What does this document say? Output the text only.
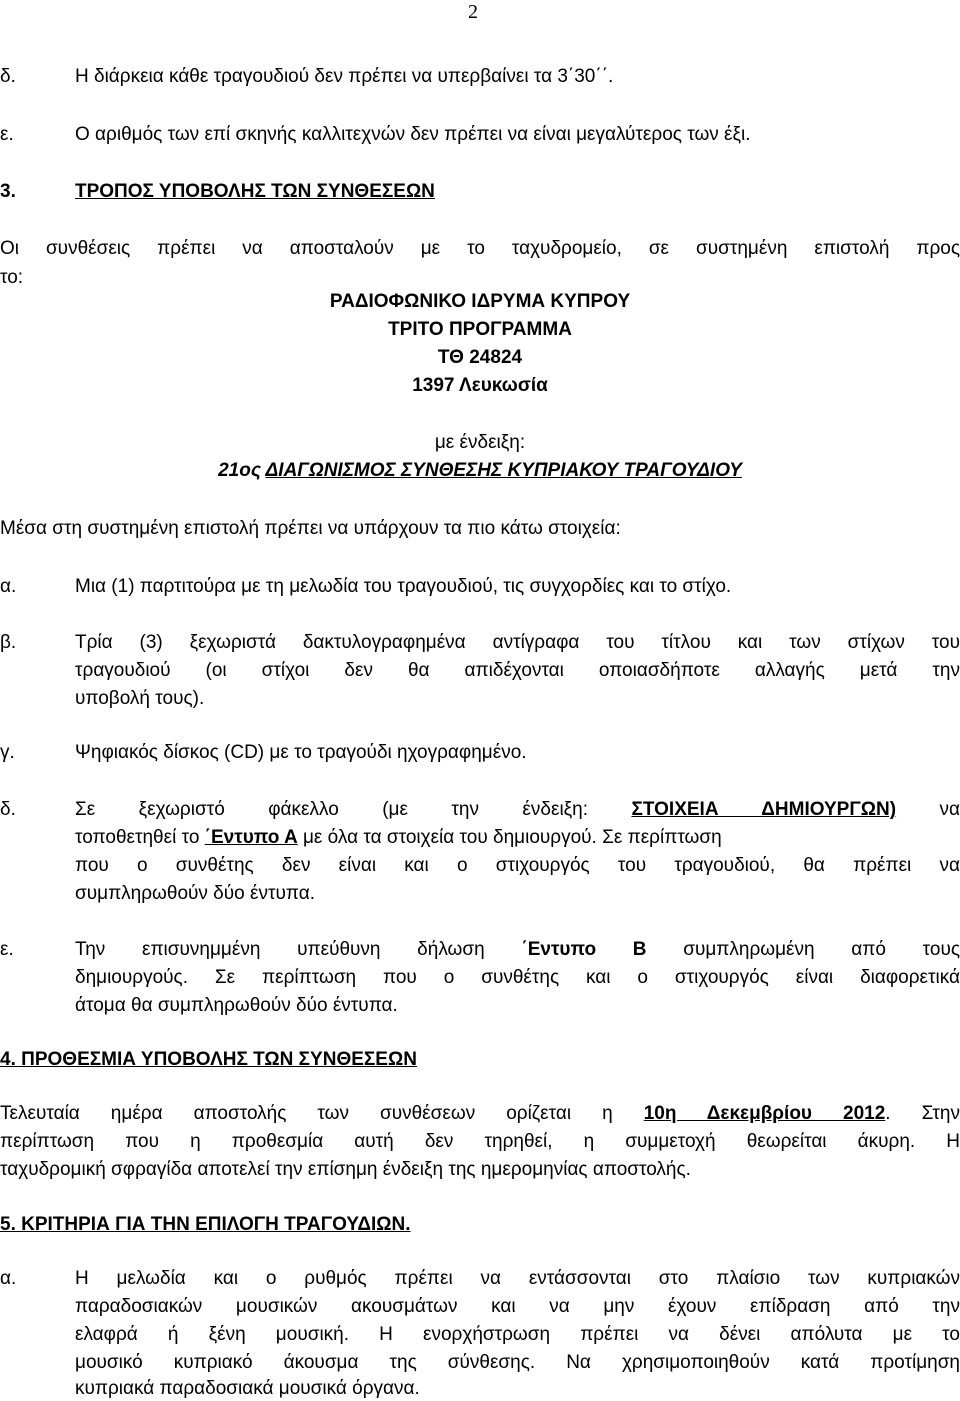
2
δ.	Η διάρκεια κάθε τραγουδιού δεν πρέπει να υπερβαίνει τα 3΄30΄΄.
ε.	Ο αριθμός των επί σκηνής καλλιτεχνών δεν πρέπει να είναι μεγαλύτερος των έξι.
3.	ΤΡΟΠΟΣ ΥΠΟΒΟΛΗΣ ΤΩΝ ΣΥΝΘΕΣΕΩΝ
Οι συνθέσεις πρέπει να αποσταλούν με το ταχυδρομείο, σε συστημένη επιστολή προς
το:
ΡΑΔΙΟΦΩΝΙΚΟ ΙΔΡΥΜΑ ΚΥΠΡΟΥ
ΤΡΙΤΟ ΠΡΟΓΡΑΜΜΑ
ΤΘ 24824
1397 Λευκωσία
με ένδειξη:
21ος ΔΙΑΓΩΝΙΣΜΟΣ ΣΥΝΘΕΣΗΣ ΚΥΠΡΙΑΚΟΥ ΤΡΑΓΟΥΔΙΟΥ
Μέσα στη συστημένη επιστολή πρέπει να υπάρχουν τα πιο κάτω στοιχεία:
α.	Μια (1) παρτιτούρα με τη μελωδία του τραγουδιού, τις συγχορδίες και το στίχο.
β.	Τρία (3) ξεχωριστά δακτυλογραφημένα αντίγραφα του τίτλου και των στίχων του
τραγουδιού (οι στίχοι δεν θα απιδέχονται οποιασδήποτε αλλαγής μετά την
υποβολή τους).
γ.	Ψηφιακός δίσκος (CD) με το τραγούδι ηχογραφημένο.
δ.	Σε ξεχωριστό φάκελλο (με την ένδειξη: ΣΤΟΙΧΕΙΑ ΔΗΜΙΟΥΡΓΩΝ) να
τοποθετηθεί το ΄Εντυπο Α με όλα τα στοιχεία του δημιουργού. Σε περίπτωση
που ο συνθέτης δεν είναι και ο στιχουργός του τραγουδιού, θα πρέπει να
συμπληρωθούν δύο έντυπα.
ε.	Την επισυνημμένη υπεύθυνη δήλωση ΄Εντυπο Β συμπληρωμένη από τους
δημιουργούς. Σε περίπτωση που ο συνθέτης και ο στιχουργός είναι διαφορετικά
άτομα θα συμπληρωθούν δύο έντυπα.
4. ΠΡΟΘΕΣΜΙΑ ΥΠΟΒΟΛΗΣ ΤΩΝ ΣΥΝΘΕΣΕΩΝ
Τελευταία ημέρα αποστολής των συνθέσεων ορίζεται η 10η Δεκεμβρίου 2012. Στην
περίπτωση που η προθεσμία αυτή δεν τηρηθεί, η συμμετοχή θεωρείται άκυρη. Η
ταχυδρομική σφραγίδα αποτελεί την επίσημη ένδειξη της ημερομηνίας αποστολής.
5. ΚΡΙΤΗΡΙΑ ΓΙΑ ΤΗΝ ΕΠΙΛΟΓΗ ΤΡΑΓΟΥΔΙΩΝ.
α.	Η μελωδία και ο ρυθμός πρέπει να εντάσσονται στο πλαίσιο των κυπριακών
παραδοσιακών μουσικών ακουσμάτων και να μην έχουν επίδραση από την
ελαφρά ή ξένη μουσική. Η ενορχήστρωση πρέπει να δένει απόλυτα με το
μουσικό κυπριακό άκουσμα της σύνθεσης. Να χρησιμοποιηθούν κατά προτίμηση
κυπριακά παραδοσιακά μουσικά όργανα.
